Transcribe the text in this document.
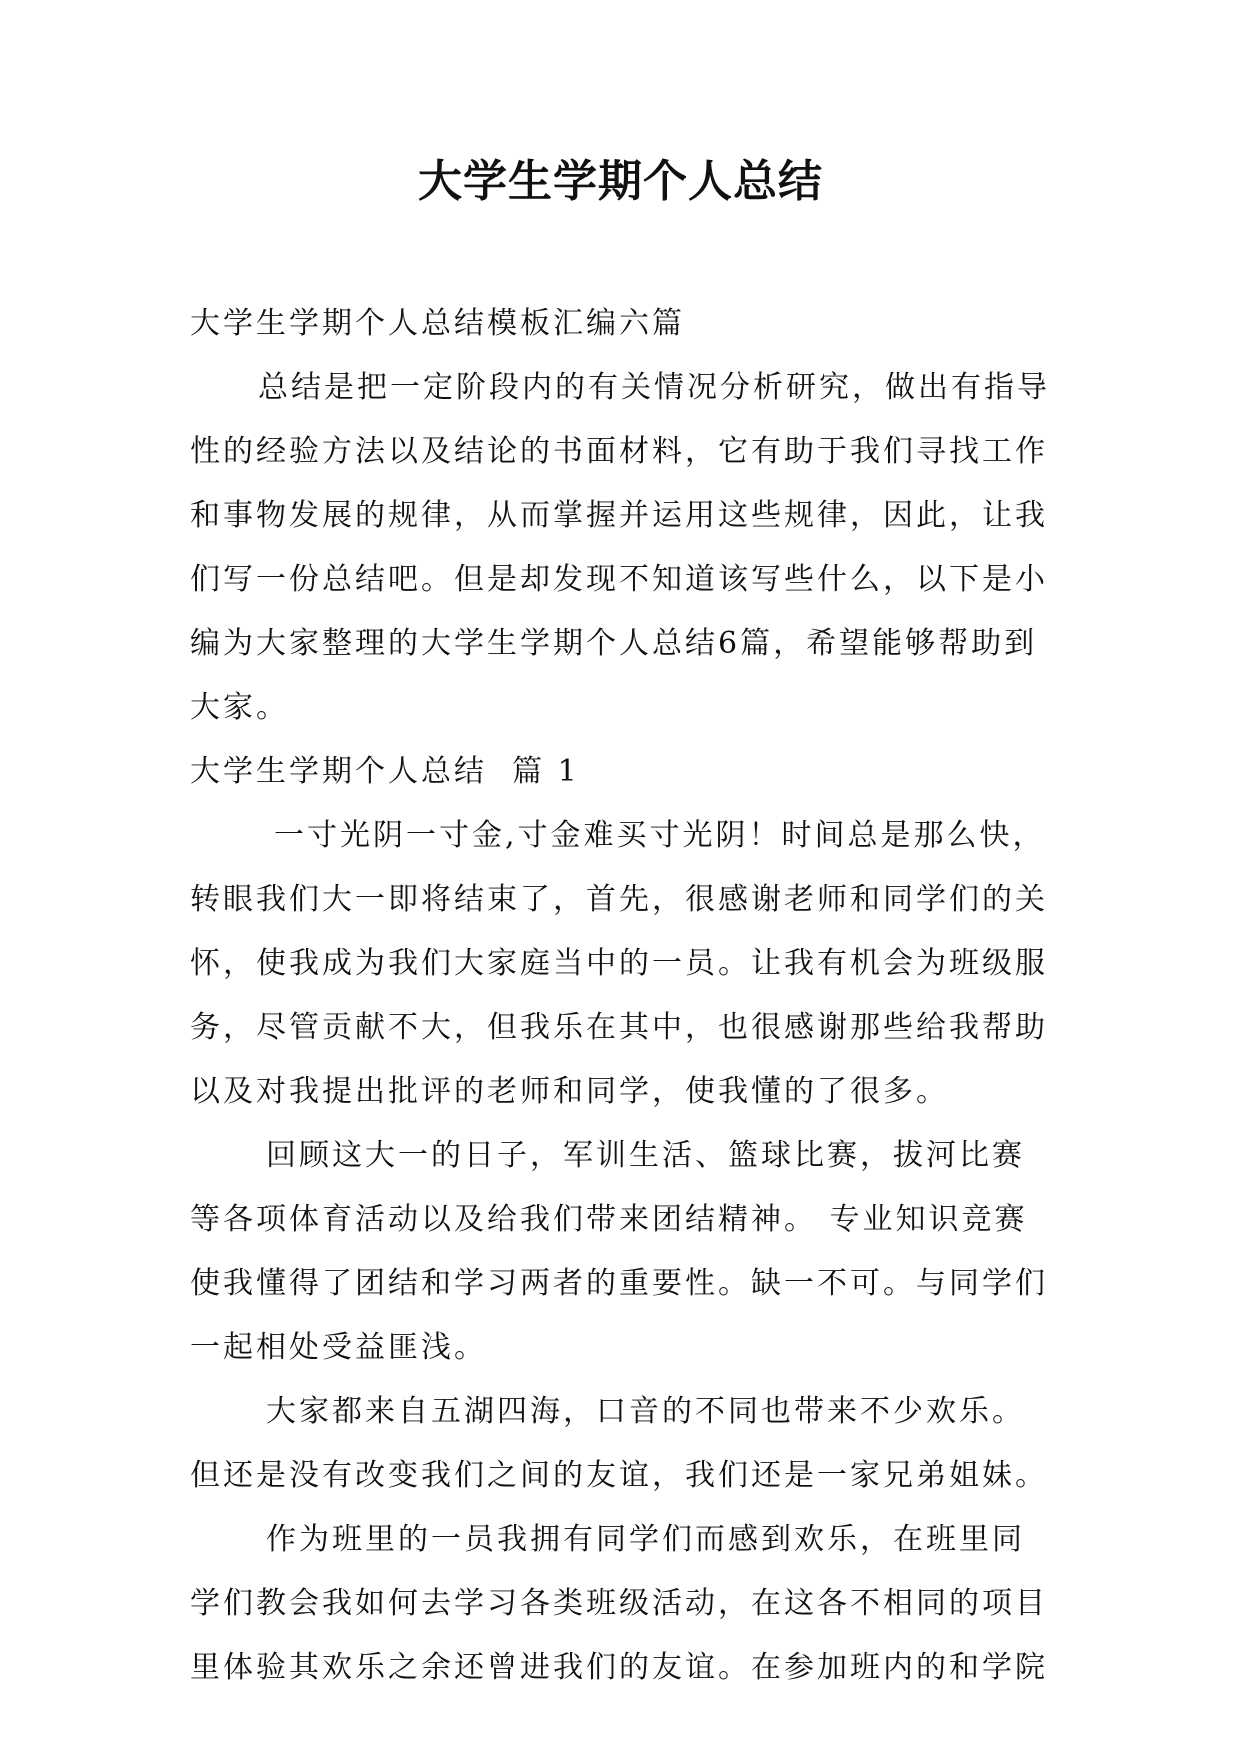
大学生学期个人总结

大学生学期个人总结模板汇编六篇

总结是把一定阶段内的有关情况分析研究，做出有指导性的经验方法以及结论的书面材料，它有助于我们寻找工作和事物发展的规律，从而掌握并运用这些规律，因此，让我们写一份总结吧。但是却发现不知道该写些什么，以下是小编为大家整理的大学生学期个人总结6篇，希望能够帮助到大家。

大学生学期个人总结  篇 1

一寸光阴一寸金,寸金难买寸光阴！时间总是那么快，转眼我们大一即将结束了，首先，很感谢老师和同学们的关怀，使我成为我们大家庭当中的一员。让我有机会为班级服务，尽管贡献不大，但我乐在其中，也很感谢那些给我帮助以及对我提出批评的老师和同学，使我懂的了很多。

回顾这大一的日子，军训生活、篮球比赛，拔河比赛等各项体育活动以及给我们带来团结精神。 专业知识竞赛使我懂得了团结和学习两者的重要性。缺一不可。与同学们一起相处受益匪浅。

大家都来自五湖四海，口音的不同也带来不少欢乐。但还是没有改变我们之间的友谊，我们还是一家兄弟姐妹。

作为班里的一员我拥有同学们而感到欢乐，在班里同学们教会我如何去学习各类班级活动，在这各不相同的项目里体验其欢乐之余还曾进我们的友谊。在参加班内的和学院
